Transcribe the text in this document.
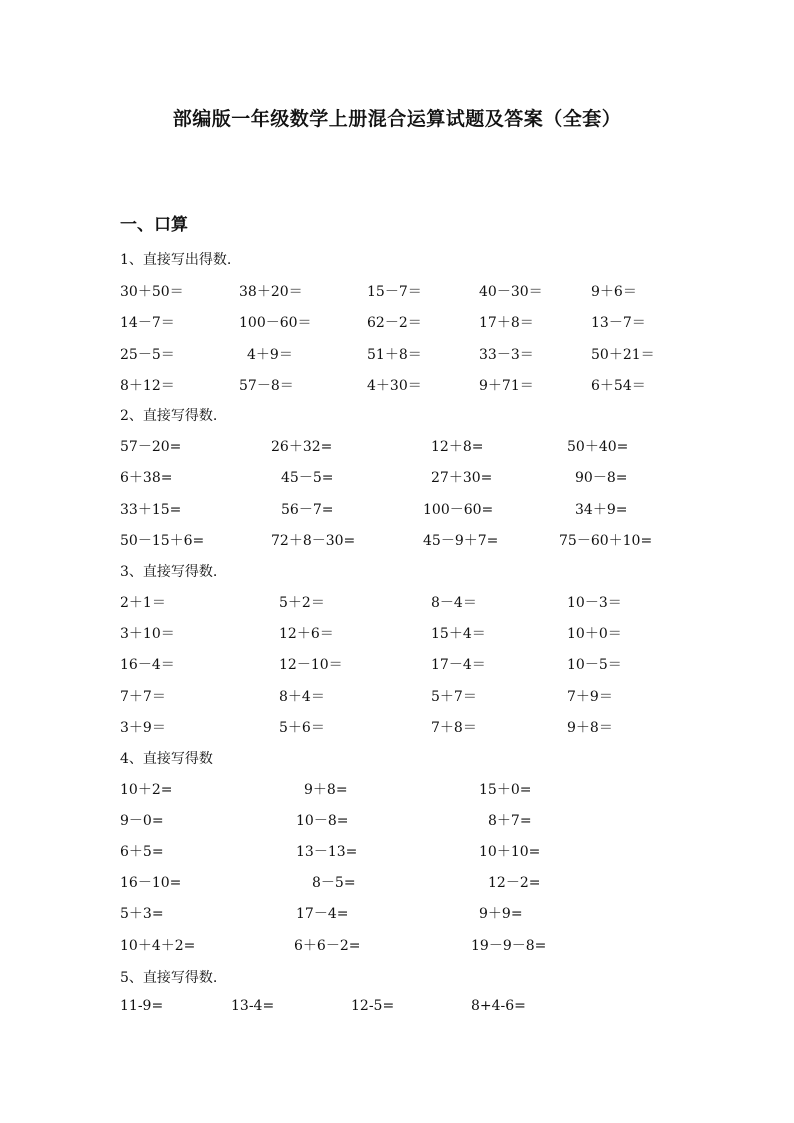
部编版一年级数学上册混合运算试题及答案（全套）
一、口算
1、直接写出得数.
30＋50＝	38＋20＝	15－7＝	40－30＝	9＋6＝
14－7＝	100－60＝	62－2＝	17＋8＝	13－7＝
25－5＝	4＋9＝	51＋8＝	33－3＝	50＋21＝
8＋12＝	57－8＝	4＋30＝	9＋71＝	6＋54＝
2、直接写得数.
57－20=	26＋32=	12＋8=	50＋40=
6＋38=	45－5=	27＋30=	90－8=
33＋15=	56－7=	100－60=	34＋9=
50－15＋6=	72＋8－30=	45－9＋7=	75－60＋10=
3、直接写得数.
2＋1＝	5＋2＝	8－4＝	10－3＝
3＋10＝	12＋6＝	15＋4＝	10＋0＝
16－4＝	12－10＝	17－4＝	10－5＝
7＋7＝	8＋4＝	5＋7＝	7＋9＝
3＋9＝	5＋6＝	7＋8＝	9＋8＝
4、直接写得数
10＋2=	9＋8=	15＋0=
9－0=	10－8=	8＋7=
6＋5=	13－13=	10＋10=
16－10=	8－5=	12－2=
5＋3=	17－4=	9＋9=
10＋4＋2=	6＋6－2=	19－9－8=
5、直接写得数.
11-9=	13-4=	12-5=	8+4-6=
